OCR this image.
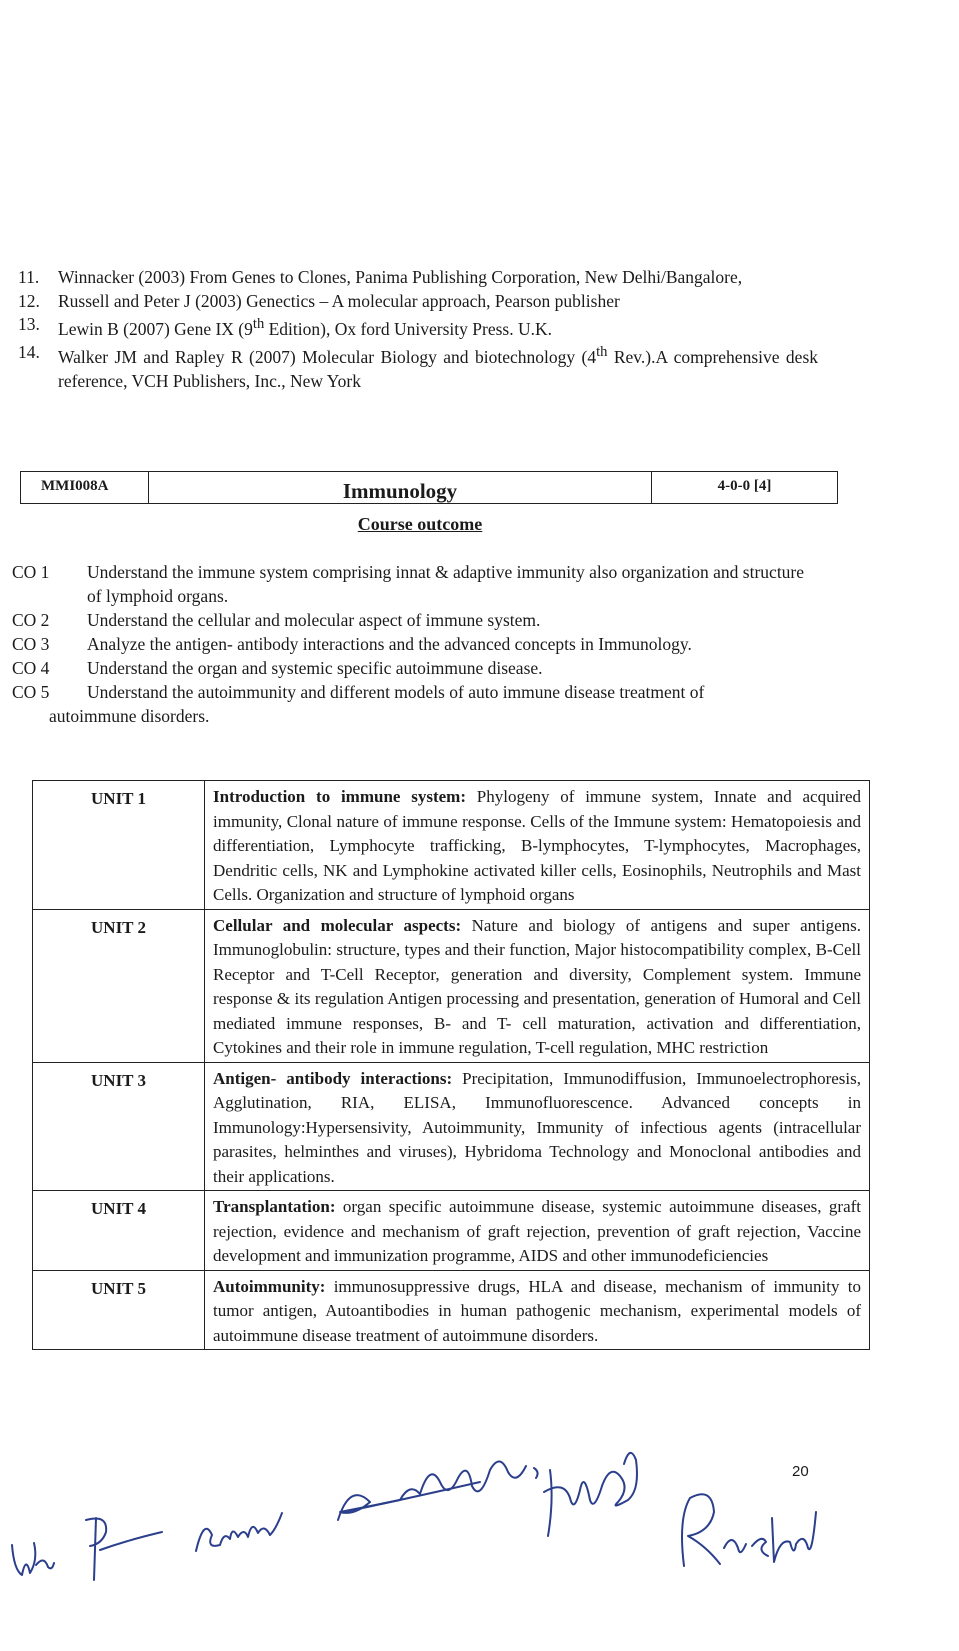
11.	Winnacker (2003) From Genes to Clones, Panima Publishing Corporation, New Delhi/Bangalore,
12.	Russell and Peter J (2003) Genectics – A molecular approach, Pearson publisher
13.	Lewin B (2007) Gene IX (9th Edition), Ox ford University Press. U.K.
14.	Walker JM and Rapley R (2007) Molecular Biology and biotechnology (4th Rev.).A comprehensive desk reference, VCH Publishers, Inc., New York
MMI008A	Immunology	4-0-0 [4]
Course outcome
CO 1	Understand the immune system comprising innat & adaptive immunity also organization and structure of lymphoid organs.
CO 2	Understand the cellular and molecular aspect of immune system.
CO 3	Analyze the antigen- antibody interactions and the advanced concepts in Immunology.
CO 4	Understand the organ and systemic specific autoimmune disease.
CO 5	Understand the autoimmunity and different models of auto immune disease treatment of
autoimmune disorders.
UNIT 1	Introduction to immune system: Phylogeny of immune system, Innate and acquired immunity, Clonal nature of immune response. Cells of the Immune system: Hematopoiesis and differentiation, Lymphocyte trafficking, B-lymphocytes, T-lymphocytes, Macrophages, Dendritic cells, NK and Lymphokine activated killer cells, Eosinophils, Neutrophils and Mast Cells. Organization and structure of lymphoid organs
UNIT 2	Cellular and molecular aspects: Nature and biology of antigens and super antigens. Immunoglobulin: structure, types and their function, Major histocompatibility complex, B-Cell Receptor and T-Cell Receptor, generation and diversity, Complement system. Immune response & its regulation Antigen processing and presentation, generation of Humoral and Cell mediated immune responses, B- and T- cell maturation, activation and differentiation, Cytokines and their role in immune regulation, T-cell regulation, MHC restriction
UNIT 3	Antigen- antibody interactions: Precipitation, Immunodiffusion, Immunoelectrophoresis, Agglutination, RIA, ELISA, Immunofluorescence. Advanced concepts in Immunology:Hypersensivity, Autoimmunity, Immunity of infectious agents (intracellular parasites, helminthes and viruses), Hybridoma Technology and Monoclonal antibodies and their applications.
UNIT 4	Transplantation: organ specific autoimmune disease, systemic autoimmune diseases, graft rejection, evidence and mechanism of graft rejection, prevention of graft rejection, Vaccine development and immunization programme, AIDS and other immunodeficiencies
UNIT 5	Autoimmunity: immunosuppressive drugs, HLA and disease, mechanism of immunity to tumor antigen, Autoantibodies in human pathogenic mechanism, experimental models of autoimmune disease treatment of autoimmune disorders.
20
